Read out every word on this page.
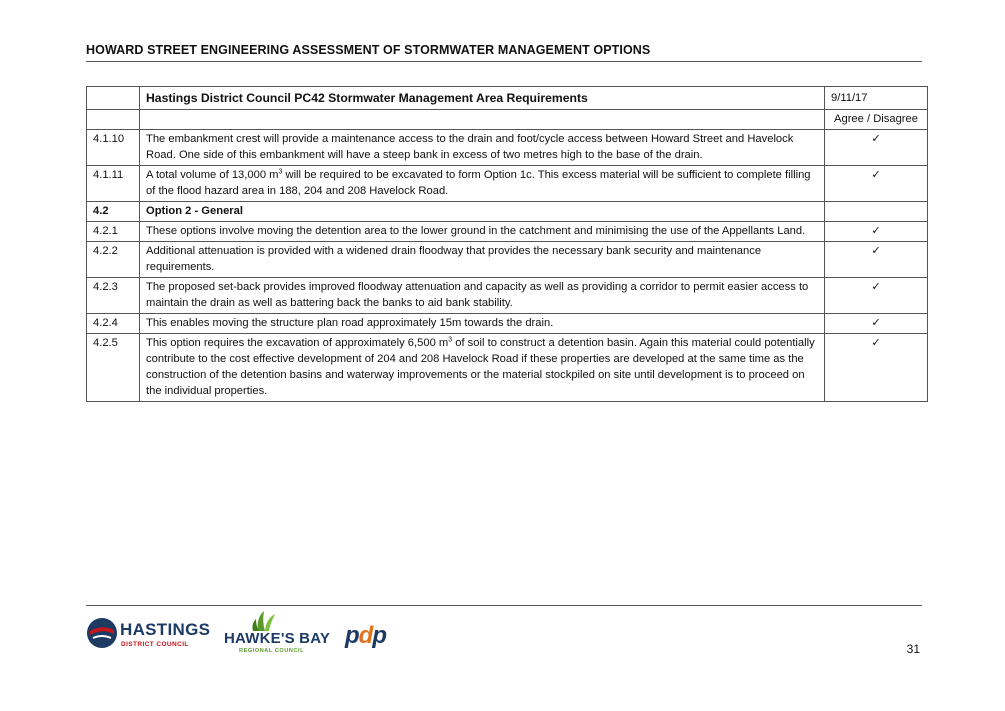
HOWARD STREET ENGINEERING ASSESSMENT OF STORMWATER MANAGEMENT OPTIONS
	Hastings District Council PC42 Stormwater Management Area Requirements	9/11/17
		Agree / Disagree
4.1.10	The embankment crest will provide a maintenance access to the drain and foot/cycle access between Howard Street and Havelock Road. One side of this embankment will have a steep bank in excess of two metres high to the base of the drain.	✓
4.1.11	A total volume of 13,000 $m^3$ will be required to be excavated to form Option 1c. This excess material will be sufficient to complete filling of the flood hazard area in 188, 204 and 208 Havelock Road.	✓
4.2	Option 2 - General	
4.2.1	These options involve moving the detention area to the lower ground in the catchment and minimising the use of the Appellants Land.	✓
4.2.2	Additional attenuation is provided with a widened drain floodway that provides the necessary bank security and maintenance requirements.	✓
4.2.3	The proposed set-back provides improved floodway attenuation and capacity as well as providing a corridor to permit easier access to maintain the drain as well as battering back the banks to aid bank stability.	✓
4.2.4	This enables moving the structure plan road approximately 15m towards the drain.	✓
4.2.5	This option requires the excavation of approximately 6,500 $m^3$ of soil to construct a detention basin. Again this material could potentially contribute to the cost effective development of 204 and 208 Havelock Road if these properties are developed at the same time as the construction of the detention basins and waterway improvements or the material stockpiled on site until development is to proceed on the individual properties.	✓
HASTINGS
DISTRICT COUNCIL HAWKE'S BAY
REGIONAL COUNCIL
pdp	31
